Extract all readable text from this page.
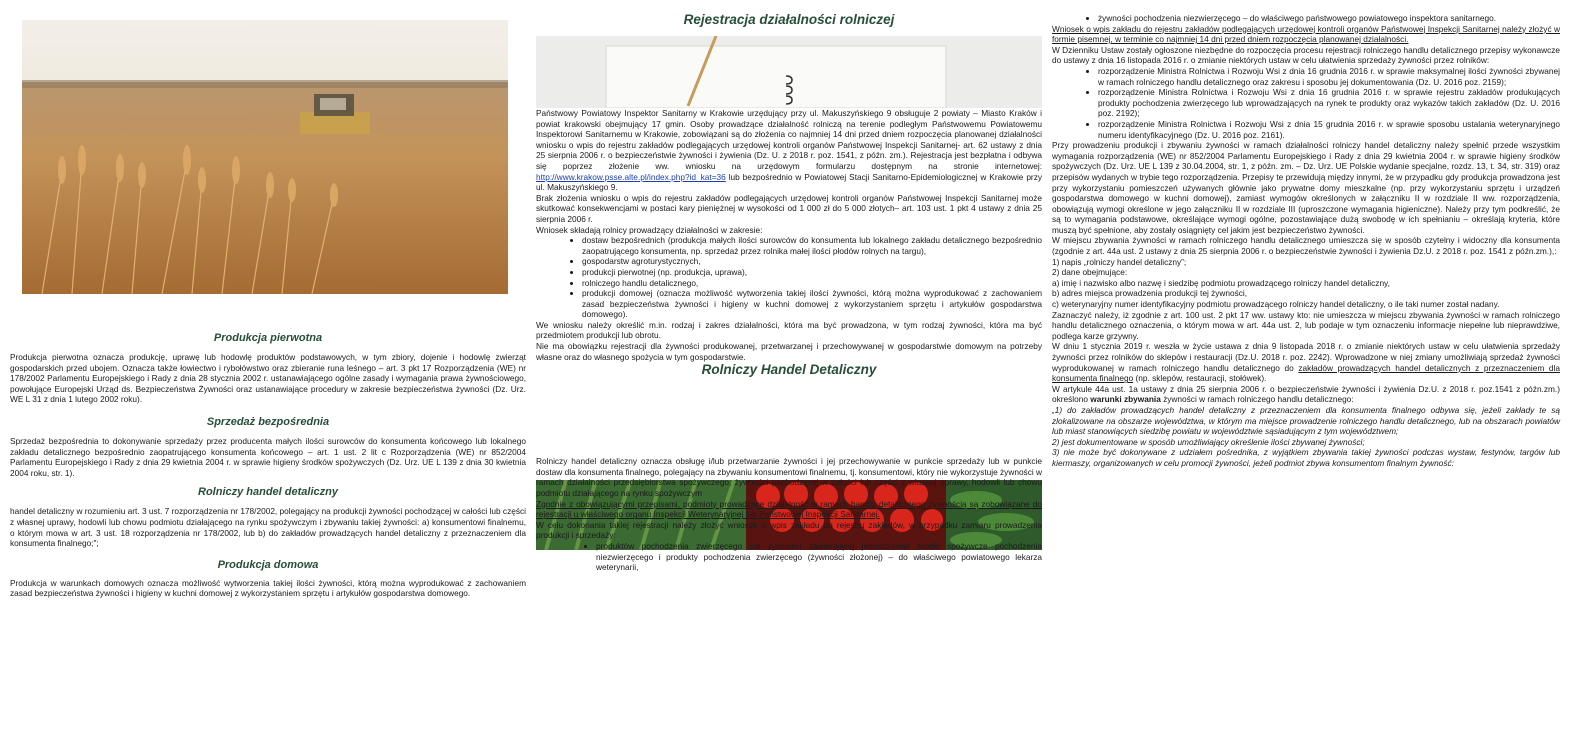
Produkcja pierwotna

Produkcja pierwotna oznacza produkcję, uprawę lub hodowlę produktów podstawowych, w tym zbiory, dojenie i hodowlę zwierząt gospodarskich przed ubojem. Oznacza także łowiectwo i rybołówstwo oraz zbieranie runa leśnego – art. 3 pkt 17 Rozporządzenia (WE) nr 178/2002 Parlamentu Europejskiego i Rady z dnia 28 stycznia 2002 r. ustanawiającego ogólne zasady i wymagania prawa żywnościowego, powołujące Europejski Urząd ds. Bezpieczeństwa Żywności oraz ustanawiające procedury w zakresie bezpieczeństwa żywności (Dz. Urz. WE L 31 z dnia 1 lutego 2002 roku).

Sprzedaż bezpośrednia

Sprzedaż bezpośrednia to dokonywanie sprzedaży przez producenta małych ilości surowców do konsumenta końcowego lub lokalnego zakładu detalicznego bezpośrednio zaopatrującego konsumenta końcowego – art. 1 ust. 2 lit c Rozporządzenia (WE) nr 852/2004 Parlamentu Europejskiego i Rady z dnia 29 kwietnia 2004 r. w sprawie higieny środków spożywczych (Dz. Urz. UE L 139 z dnia 30 kwietnia 2004 roku, str. 1).

Rolniczy handel detaliczny

handel detaliczny w rozumieniu art. 3 ust. 7 rozporządzenia nr 178/2002, polegający na produkcji żywności pochodzącej w całości lub części z własnej uprawy, hodowli lub chowu podmiotu działającego na rynku spożywczym i zbywaniu takiej żywności: a) konsumentowi finalnemu, o którym mowa w art. 3 ust. 18 rozporządzenia nr 178/2002, lub b) do zakładów prowadzących handel detaliczny z przeznaczeniem dla konsumenta finalnego;";

Produkcja domowa

Produkcja w warunkach domowych oznacza możliwość wytworzenia takiej ilości żywności, którą można wyprodukować z zachowaniem zasad bezpieczeństwa żywności i higieny w kuchni domowej z wykorzystaniem sprzętu i artykułów gospodarstwa domowego.

Rejestracja działalności rolniczej

Państwowy Powiatowy Inspektor Sanitarny w Krakowie urzędujący przy ul. Makuszyńskiego 9 obsługuje 2 powiaty – Miasto Kraków i powiat krakowski obejmujący 17 gmin. Osoby prowadzące działalność rolniczą na terenie podległym Państwowemu Powiatowemu Inspektorowi Sanitarnemu w Krakowie, zobowiązani są do złożenia co najmniej 14 dni przed dniem rozpoczęcia planowanej działalności wniosku o wpis do rejestru zakładów podlegających urzędowej kontroli organów Państwowej Inspekcji Sanitarnej- art. 62 ustawy z dnia 25 sierpnia 2006 r. o bezpieczeństwie żywności i żywienia (Dz. U. z 2018 r. poz. 1541, z późn. zm.). Rejestracja jest bezpłatna i odbywa się poprzez złożenie ww. wniosku na urzędowym formularzu dostępnym na stronie internetowej: http://www.krakow.psse.alte.pl/index.php?id_kat=36 lub bezpośrednio w Powiatowej Stacji Sanitarno-Epidemiologicznej w Krakowie przy ul. Makuszyńskiego 9.

Brak złożenia wniosku o wpis do rejestru zakładów podlegających urzędowej kontroli organów Państwowej Inspekcji Sanitarnej może skutkować konsekwencjami w postaci kary pieniężnej w wysokości od 1 000 zł do 5 000 złotych– art. 103 ust. 1 pkt 4 ustawy z dnia 25 sierpnia 2006 r.

Wniosek składają rolnicy prowadzący działalności w zakresie:

• dostaw bezpośrednich (produkcja małych ilości surowców do konsumenta lub lokalnego zakładu detalicznego bezpośrednio zaopatrującego konsumenta, np. sprzedaż przez rolnika małej ilości płodów rolnych na targu),
• gospodarstw agroturystycznych,
• produkcji pierwotnej (np. produkcja, uprawa),
• rolniczego handlu detalicznego,
• produkcji domowej (oznacza możliwość wytworzenia takiej ilości żywności, którą można wyprodukować z zachowaniem zasad bezpieczeństwa żywności i higieny w kuchni domowej z wykorzystaniem sprzętu i artykułów gospodarstwa domowego).

We wniosku należy określić m.in. rodzaj i zakres działalności, która ma być prowadzona, w tym rodzaj żywności, która ma być przedmiotem produkcji lub obrotu.

Nie ma obowiązku rejestracji dla żywności produkowanej, przetwarzanej i przechowywanej w gospodarstwie domowym na potrzeby własne oraz do własnego spożycia w tym gospodarstwie.

Rolniczy Handel Detaliczny

Rolniczy handel detaliczny oznacza obsługę i/lub przetwarzanie żywności i jej przechowywanie w punkcie sprzedaży lub w punkcie dostaw dla konsumenta finalnego, polegający na zbywaniu konsumentowi finalnemu, tj. konsumentowi, który nie wykorzystuje żywności w ramach działalności przedsiębiorstwa spożywczego, żywności pochodzącej w całości lub części z własnej uprawy, hodowli lub chowu podmiotu działającego na rynku spożywczym

Zgodnie z obowiązującymi przepisami, podmioty prowadzące działalność w ramach handlu detalicznego żywnością są zobowiązane do rejestracji u właściwego organu Inspekcji Weterynaryjnej lub Państwowej Inspekcji Sanitarnej.

W celu dokonania takiej rejestracji należy złożyć wniosek o wpis zakładu do rejestru zakładów, w przypadku zamiaru prowadzenia produkcji i sprzedaży:

• produktów pochodzenia zwierzęcego lub żywności zawierającej jednocześnie środki spożywcze pochodzenia niezwierzęcego i produkty pochodzenia zwierzęcego (żywności złożonej) – do właściwego powiatowego lekarza weterynarii,
• żywności pochodzenia niezwierzęcego – do właściwego państwowego powiatowego inspektora sanitarnego.

Wniosek o wpis zakładu do rejestru zakładów podlegających urzędowej kontroli organów Państwowej Inspekcji Sanitarnej należy złożyć w formie pisemnej, w terminie co najmniej 14 dni przed dniem rozpoczęcia planowanej działalności.

W Dzienniku Ustaw zostały ogłoszone niezbędne do rozpoczęcia procesu rejestracji rolniczego handlu detalicznego przepisy wykonawcze do ustawy z dnia 16 listopada 2016 r. o zmianie niektórych ustaw w celu ułatwienia sprzedaży żywności przez rolników:

• rozporządzenie Ministra Rolnictwa i Rozwoju Wsi z dnia 16 grudnia 2016 r. w sprawie maksymalnej ilości żywności zbywanej w ramach rolniczego handlu detalicznego oraz zakresu i sposobu jej dokumentowania (Dz. U. 2016 poz. 2159);
• rozporządzenie Ministra Rolnictwa i Rozwoju Wsi z dnia 16 grudnia 2016 r. w sprawie rejestru zakładów produkujących produkty pochodzenia zwierzęcego lub wprowadzających na rynek te produkty oraz wykazów takich zakładów (Dz. U. 2016 poz. 2192);
• rozporządzenie Ministra Rolnictwa i Rozwoju Wsi z dnia 15 grudnia 2016 r. w sprawie sposobu ustalania weterynaryjnego numeru identyfikacyjnego (Dz. U. 2016 poz. 2161).

Przy prowadzeniu produkcji i zbywaniu żywności w ramach działalności rolniczy handel detaliczny należy spełnić przede wszystkim wymagania rozporządzenia (WE) nr 852/2004 Parlamentu Europejskiego i Rady z dnia 29 kwietnia 2004 r. w sprawie higieny środków spożywczych (Dz. Urz. UE L 139 z 30.04.2004, str. 1, z późn. zm. – Dz. Urz. UE Polskie wydanie specjalne, rozdz. 13, t. 34, str. 319) oraz przepisów wydanych w trybie tego rozporządzenia. Przepisy te przewidują między innymi, że w przypadku gdy produkcja prowadzona jest przy wykorzystaniu pomieszczeń używanych głównie jako prywatne domy mieszkalne (np. przy wykorzystaniu sprzętu i urządzeń gospodarstwa domowego w kuchni domowej), zamiast wymogów określonych w załączniku II w rozdziale II ww. rozporządzenia, obowiązują wymogi określone w jego załączniku II w rozdziale III (uproszczone wymagania higieniczne). Należy przy tym podkreślić, że są to wymagania podstawowe, określające wymogi ogólne, pozostawiające dużą swobodę w ich spełnianiu – określają kryteria, które muszą być spełnione, aby zostały osiągnięty cel jakim jest bezpieczeństwo żywności.

W miejscu zbywania żywności w ramach rolniczego handlu detalicznego umieszcza się w sposób czytelny i widoczny dla konsumenta (zgodnie z art. 44a ust. 2 ustawy z dnia 25 sierpnia 2006 r. o bezpieczeństwie żywności i żywienia Dz.U. z 2018 r. poz. 1541 z późn.zm.),:

1) napis „rolniczy handel detaliczny”;

2) dane obejmujące:

a) imię i nazwisko albo nazwę i siedzibę podmiotu prowadzącego rolniczy handel detaliczny,

b) adres miejsca prowadzenia produkcji tej żywności,

c) weterynaryjny numer identyfikacyjny podmiotu prowadzącego rolniczy handel detaliczny, o ile taki numer został nadany.

Zaznaczyć należy, iż zgodnie z art. 100 ust. 2 pkt 17 ww. ustawy kto: nie umieszcza w miejscu zbywania żywności w ramach rolniczego handlu detalicznego oznaczenia, o którym mowa w art. 44a ust. 2, lub podaje w tym oznaczeniu informacje niepełne lub nieprawdziwe, podlega karze grzywny.

W dniu 1 stycznia 2019 r. weszła w życie ustawa z dnia 9 listopada 2018 r. o zmianie niektórych ustaw w celu ułatwienia sprzedaży żywności przez rolników do sklepów i restauracji (Dz.U. 2018 r. poz. 2242). Wprowadzone w niej zmiany umożliwiają sprzedaż żywności wyprodukowanej w ramach rolniczego handlu detalicznego do zakładów prowadzących handel detalicznych z przeznaczeniem dla konsumenta finalnego (np. sklepów, restauracji, stołówek).

W artykule 44a ust. 1a ustawy z dnia 25 sierpnia 2006 r. o bezpieczeństwie żywności i żywienia Dz.U. z 2018 r. poz.1541 z późn.zm.) określono warunki zbywania żywności w ramach rolniczego handlu detalicznego:

„1) do zakładów prowadzących handel detaliczny z przeznaczeniem dla konsumenta finalnego odbywa się, jeżeli zakłady te są zlokalizowane na obszarze województwa, w którym ma miejsce prowadzenie rolniczego handlu detalicznego, lub na obszarach powiatów lub miast stanowiących siedzibę powiatu w województwie sąsiadującym z tym województwem;

2) jest dokumentowane w sposób umożliwiający określenie ilości zbywanej żywności;

3) nie może być dokonywane z udziałem pośrednika, z wyjątkiem zbywania takiej żywności podczas wystaw, festynów, targów lub kiermaszy, organizowanych w celu promocji żywności, jeżeli podmiot zbywa konsumentom finalnym żywność:
